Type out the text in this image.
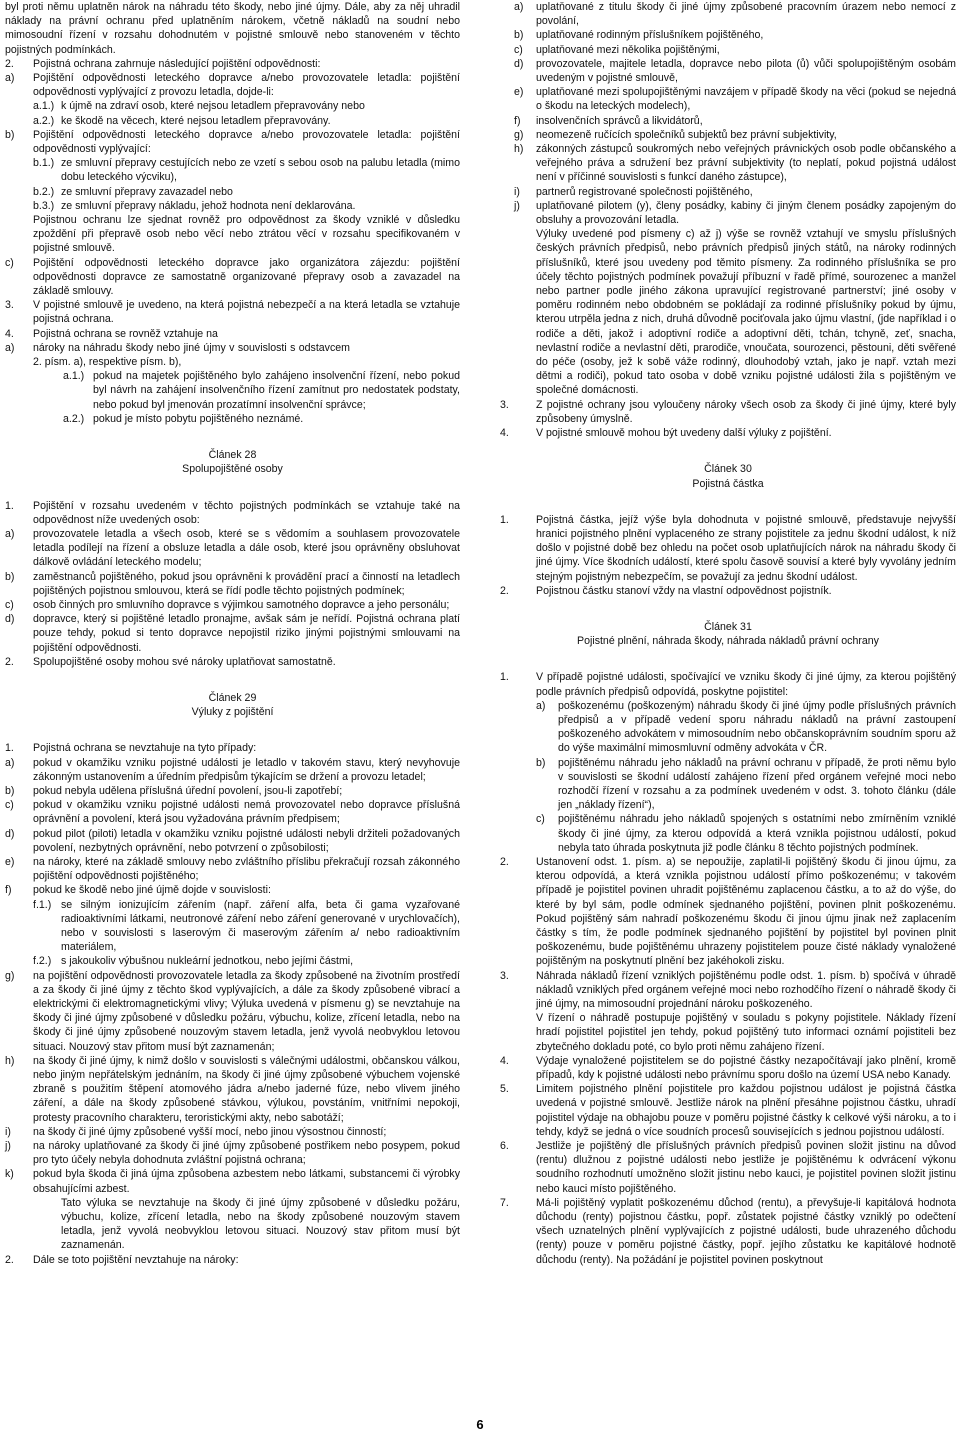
byl proti němu uplatněn nárok na náhradu této škody, nebo jiné újmy. Dále, aby za něj uhradil náklady na právní ochranu před uplatněním nárokem, včetně nákladů na soudní nebo mimosoudní řízení v rozsahu dohodnutém v pojistné smlouvě nebo stanoveném v těchto pojistných podmínkách.

2.	Pojistná ochrana zahrnuje následující pojištění odpovědnosti:

a)	Pojištění odpovědnosti leteckého dopravce a/nebo provozovatele letadla: pojištění odpovědnosti vyplývající z provozu letadla, dojde-li:

a.1.) k újmě na zdraví osob, které nejsou letadlem přepravovány nebo

a.2.) ke škodě na věcech, které nejsou letadlem přepravovány.

b)	Pojištění odpovědnosti leteckého dopravce a/nebo provozovatele letadla: pojištění odpovědnosti vyplývající:

b.1.) ze smluvní přepravy cestujících nebo ze vzetí s sebou osob na palubu letadla (mimo dobu leteckého výcviku),

b.2.) ze smluvní přepravy zavazadel nebo

b.3.) ze smluvní přepravy nákladu, jehož hodnota není deklarována.

Pojistnou ochranu lze sjednat rovněž pro odpovědnost za škody vzniklé v důsledku zpoždění při přepravě osob nebo věcí nebo ztrátou věcí v rozsahu specifikovaném v pojistné smlouvě.

c)	Pojištění odpovědnosti leteckého dopravce jako organizátora zájezdu: pojištění odpovědnosti dopravce ze samostatně organizované přepravy osob a zavazadel na základě smlouvy.

3.	V pojistné smlouvě je uvedeno, na která pojistná nebezpečí a na která letadla se vztahuje pojistná ochrana.

4.	Pojistná ochrana se rovněž vztahuje na

a)	nároky na náhradu škody nebo jiné újmy v souvislosti s odstavcem 2. písm. a), respektive písm. b),

a.1.) pokud na majetek pojištěného bylo zahájeno insolvenční řízení, nebo pokud byl návrh na zahájení insolvenčního řízení zamítnut pro nedostatek podstaty, nebo pokud byl jmenován prozatímní insolvenční správce;

a.2.) pokud je místo pobytu pojištěného neznámé.

Článek 28

Spolupojištěné osoby

1.	Pojištění v rozsahu uvedeném v těchto pojistných podmínkách se vztahuje také na odpovědnost níže uvedených osob:

a)	provozovatele letadla a všech osob, které se s vědomím a souhlasem provozovatele letadla podílejí na řízení a obsluze letadla a dále osob, které jsou oprávněny obsluhovat dálkově ovládání leteckého modelu;

b)	zaměstnanců pojištěného, pokud jsou oprávněni k provádění prací a činností na letadlech pojištěných pojistnou smlouvou, která se řídí podle těchto pojistných podmínek;

c)	osob činných pro smluvního dopravce s výjimkou samotného dopravce a jeho personálu;

d)	dopravce, který si pojištěné letadlo pronajme, avšak sám je neřídí. Pojistná ochrana platí pouze tehdy, pokud si tento dopravce nepojistil riziko jinými pojistnými smlouvami na pojištění odpovědnosti.

2.	Spolupojištěné osoby mohou své nároky uplatňovat samostatně.

Článek 29

Výluky z pojištění

1.	Pojistná ochrana se nevztahuje na tyto případy:

a)	pokud v okamžiku vzniku pojistné události je letadlo v takovém stavu, který nevyhovuje zákonným ustanovením a úředním předpisům týkajícím se držení a provozu letadel;

b)	pokud nebyla udělena příslušná úřední povolení, jsou-li zapotřebí;

c)	pokud v okamžiku vzniku pojistné události nemá provozovatel nebo dopravce příslušná oprávnění a povolení, která jsou vyžadována právním předpisem;

d)	pokud pilot (piloti) letadla v okamžiku vzniku pojistné události nebyli držiteli požadovaných povolení, nezbytných oprávnění, nebo potvrzení o způsobilosti;

e)	na nároky, které na základě smlouvy nebo zvláštního příslibu překračují rozsah zákonného pojištění odpovědnosti pojištěného;

f)	pokud ke škodě nebo jiné újmě dojde v souvislosti:

f.1.) se silným ionizujícím zářením (např. záření alfa, beta či gama vyzařované radioaktivními látkami, neutronové záření nebo záření generované v urychlovačích), nebo v souvislosti s laserovým či maserovým zářením a/ nebo radioaktivním materiálem,

f.2.) s jakoukoliv výbušnou nukleární jednotkou, nebo jejími částmi,

g)	na pojištění odpovědnosti provozovatele letadla za škody způsobené na životním prostředí a za škody či jiné újmy z těchto škod vyplývajících, a dále za škody způsobené vibrací a elektrickými či elektromagnetickými vlivy; Výluka uvedená v písmenu g) se nevztahuje na škody či jiné újmy způsobené v důsledku požáru, výbuchu, kolize, zřícení letadla, nebo na škody či jiné újmy způsobené nouzovým stavem letadla, jenž vyvolá neobvyklou letovou situaci. Nouzový stav přitom musí být zaznamenán;

h)	na škody či jiné újmy, k nimž došlo v souvislosti s válečnými událostmi, občanskou válkou, nebo jiným nepřátelským jednáním, na škody či jiné újmy způsobené výbuchem vojenské zbraně s použitím štěpení atomového jádra a/nebo jaderné fúze, nebo vlivem jiného záření, a dále na škody způsobené stávkou, výlukou, povstáním, vnitřními nepokoji, protesty pracovního charakteru, teroristickými akty, nebo sabotáží;

i)	na škody či jiné újmy způsobené vyšší mocí, nebo jinou výsostnou činností;

j)	na nároky uplatňované za škody či jiné újmy způsobené postřikem nebo posypem, pokud pro tyto účely nebyla dohodnuta zvláštní pojistná ochrana;

k)	pokud byla škoda či jiná újma způsobena azbestem nebo látkami, substancemi či výrobky obsahujícími azbest.

Tato výluka se nevztahuje na škody či jiné újmy způsobené v důsledku požáru, výbuchu, kolize, zřícení letadla, nebo na škody způsobené nouzovým stavem letadla, jenž vyvolá neobvyklou letovou situaci. Nouzový stav přitom musí být zaznamenán.

2.	Dále se toto pojištění nevztahuje na nároky:

a)	uplatňované z titulu škody či jiné újmy způsobené pracovním úrazem nebo nemocí z povolání,

b)	uplatňované rodinným příslušníkem pojištěného,

c)	uplatňované mezi několika pojištěnými,

d)	provozovatele, majitele letadla, dopravce nebo pilota (ů) vůči spolupojištěným osobám uvedeným v pojistné smlouvě,

e)	uplatňované mezi spolupojištěnými navzájem v případě škody na věci (pokud se nejedná o škodu na leteckých modelech),

f)	insolvenčních správců a likvidátorů,

g)	neomezeně ručících společníků subjektů bez právní subjektivity,

h)	zákonných zástupců soukromých nebo veřejných právnických osob podle občanského a veřejného práva a sdružení bez právní subjektivity (to neplatí, pokud pojistná událost není v příčinné souvislosti s funkcí daného zástupce),

i)	partnerů registrované společnosti pojištěného,

j)	uplatňované pilotem (y), členy posádky, kabiny či jiným členem posádky zapojeným do obsluhy a provozování letadla.

Výluky uvedené pod písmeny c) až j) výše se rovněž vztahují ve smyslu příslušných českých právních předpisů, nebo právních předpisů jiných států, na nároky rodinných příslušníků, které jsou uvedeny pod těmito písmeny. Za rodinného příslušníka se pro účely těchto pojistných podmínek považují příbuzní v řadě přímé, sourozenec a manžel nebo partner podle jiného zákona upravující registrované partnerství; jiné osoby v poměru rodinném nebo obdobném se pokládají za rodinné příslušníky pokud by újmu, kterou utrpěla jedna z nich, druhá důvodně pociťovala jako újmu vlastní, (jde například i o rodiče a děti, jakož i adoptivní rodiče a adoptivní děti, tchán, tchyně, zeť, snacha, nevlastní rodiče a nevlastní děti, prarodiče, vnoučata, sourozenci, pěstouni, děti svěřené do péče (osoby, jež k sobě váže rodinný, dlouhodobý vztah, jako je např. vztah mezi dětmi a rodiči), pokud tato osoba v době vzniku pojistné události žila s pojištěným ve společné domácnosti.

3.	Z pojistné ochrany jsou vyloučeny nároky všech osob za škody či jiné újmy, které byly způsobeny úmyslně.

4.	V pojistné smlouvě mohou být uvedeny další výluky z pojištění.

Článek 30

Pojistná částka

1.	Pojistná částka, jejíž výše byla dohodnuta v pojistné smlouvě, představuje nejvyšší hranici pojistného plnění vyplaceného ze strany pojistitele za jednu škodní událost, k níž došlo v pojistné době bez ohledu na počet osob uplatňujících nárok na náhradu škody či jiné újmy. Více škodních událostí, které spolu časově souvisí a které byly vyvolány jedním stejným pojistným nebezpečím, se považují za jednu škodní událost.

2.	Pojistnou částku stanoví vždy na vlastní odpovědnost pojistník.

Článek 31

Pojistné plnění, náhrada škody, náhrada nákladů právní ochrany

1.	V případě pojistné události, spočívající ve vzniku škody či jiné újmy, za kterou pojištěný podle právních předpisů odpovídá, poskytne pojistitel:

a)	poškozenému (poškozeným) náhradu škody či jiné újmy podle příslušných právních předpisů a v případě vedení sporu náhradu nákladů na právní zastoupení poškozeného advokátem v mimosoudním nebo občanskoprávním soudním sporu až do výše maximální mimosmluvní odměny advokáta v ČR.

b)	pojištěnému náhradu jeho nákladů na právní ochranu v případě, že proti němu bylo v souvislosti se škodní událostí zahájeno řízení před orgánem veřejné moci nebo rozhodčí řízení v rozsahu a za podmínek uvedeném v odst. 3. tohoto článku (dále jen „náklady řízení“),

c)	pojištěnému náhradu jeho nákladů spojených s ostatními nebo zmírněním vzniklé škody či jiné újmy, za kterou odpovídá a která vznikla pojistnou událostí, pokud nebyla tato úhrada poskytnuta již podle článku 8 těchto pojistných podmínek.

2.	Ustanovení odst. 1. písm. a) se nepoužije, zaplatil-li pojištěný škodu či jinou újmu, za kterou odpovídá, a která vznikla pojistnou událostí přímo poškozenému; v takovém případě je pojistitel povinen uhradit pojištěnému zaplacenou částku, a to až do výše, do které by byl sám, podle odmínek sjednaného pojištění, povinen plnit poškozenému. Pokud pojištěný sám nahradí poškozenému škodu či jinou újmu jinak než zaplacením částky s tím, že podle podmínek sjednaného pojištění by pojistitel byl povinen plnit poškozenému, bude pojištěnému uhrazeny pojistitelem pouze čisté náklady vynaložené pojištěným na poskytnutí plnění bez jakéhokoli zisku.

3.	Náhrada nákladů řízení vzniklých pojištěnému podle odst. 1. písm. b) spočívá v úhradě nákladů vzniklých před orgánem veřejné moci nebo rozhodčího řízení o náhradě škody či jiné újmy, na mimosoudní projednání nároku poškozeného.

V řízení o náhradě postupuje pojištěný v souladu s pokyny pojistitele. Náklady řízení hradí pojistitel pojistitel jen tehdy, pokud pojištěný tuto informaci oznámí pojistiteli bez zbytečného dokladu poté, co bylo proti němu zahájeno řízení.

4.	Výdaje vynaložené pojistitelem se do pojistné částky nezapočítávají jako plnění, kromě případů, kdy k pojistné události nebo právnímu sporu došlo na území USA nebo Kanady.

5.	Limitem pojistného plnění pojistitele pro každou pojistnou událost je pojistná částka uvedená v pojistné smlouvě. Jestliže nárok na plnění přesáhne pojistnou částku, uhradí pojistitel výdaje na obhajobu pouze v poměru pojistné částky k celkové výši nároku, a to i tehdy, když se jedná o více soudních procesů souvisejících s jednou pojistnou událostí.

6.	Jestliže je pojištěný dle příslušných právních předpisů povinen složit jistinu na důvod (rentu) dlužnou z pojistné události nebo jestliže je pojištěnému k odvrácení výkonu soudního rozhodnutí umožněno složit jistinu nebo kauci, je pojistitel povinen složit jistinu nebo kauci místo pojištěného.

7.	Má-li pojištěný vyplatit poškozenému důchod (rentu), a převyšuje-li kapitálová hodnota důchodu (renty) pojistnou částku, popř. zůstatek pojistné částky vzniklý po odečtení všech uznatelných plnění vyplývajících z pojistné události, bude uhrazeného důchodu (renty) pouze v poměru pojistné částky, popř. jejího zůstatku ke kapitálové hodnotě důchodu (renty). Na požádání je pojistitel povinen poskytnout

6
